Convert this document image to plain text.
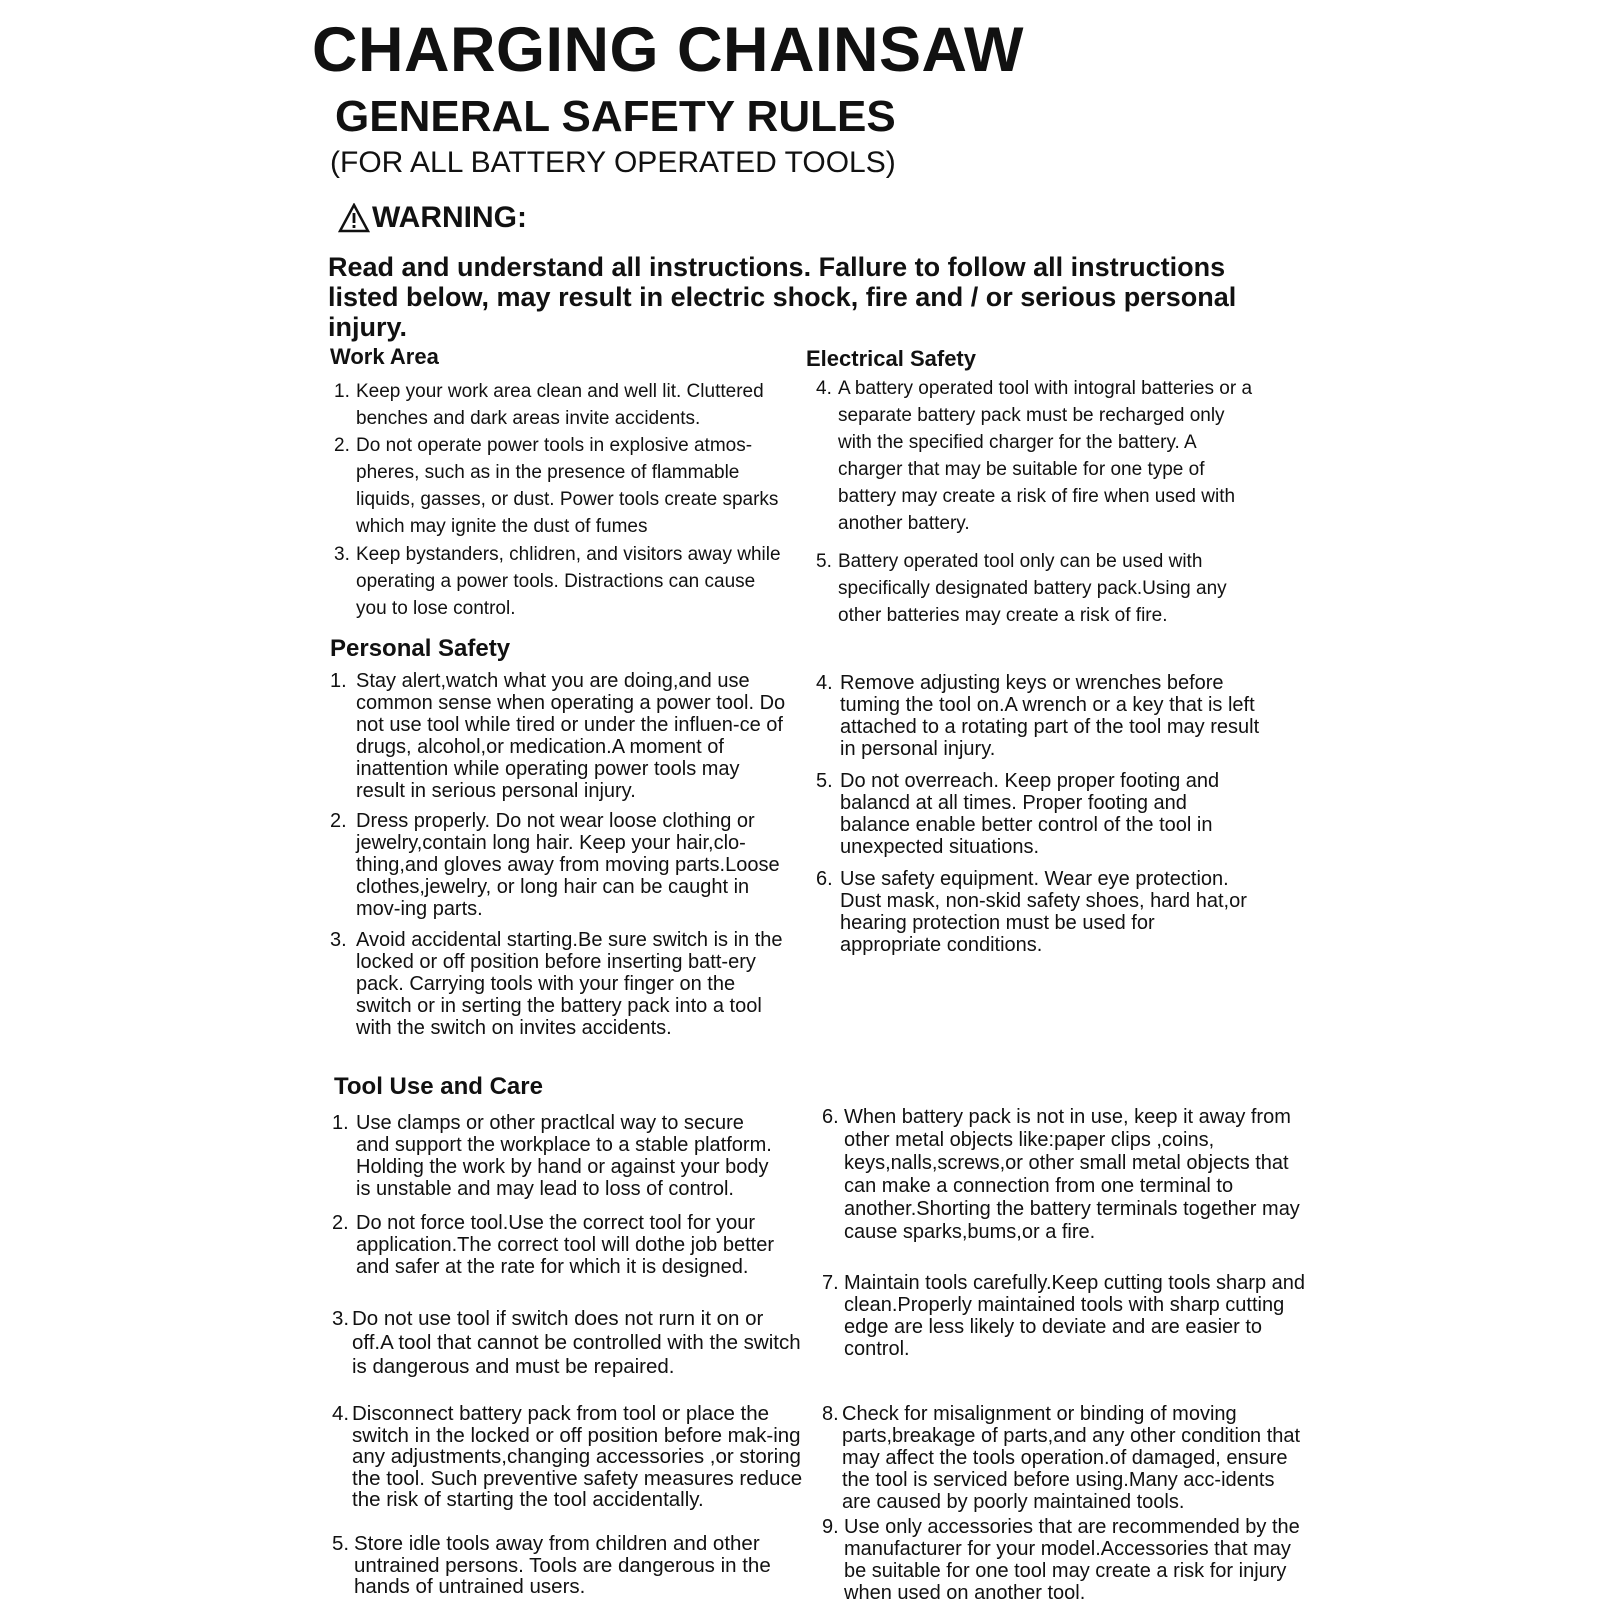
CHARGING CHAINSAW
GENERAL SAFETY RULES
(FOR ALL BATTERY OPERATED TOOLS)
WARNING:

Read and understand all instructions. Fallure to follow all instructions listed below, may result in electric shock, fire and / or serious personal injury.

Work Area
1. Keep your work area clean and well lit. Cluttered benches and dark areas invite accidents.
2. Do not operate power tools in explosive atmos-pheres, such as in the presence of flammable liquids, gasses, or dust. Power tools create sparks which may ignite the dust of fumes
3. Keep bystanders, chlidren, and visitors away while operating a power tools. Distractions can cause you to lose control.
Electrical Safety
4. A battery operated tool with intogral batteries or a separate battery pack must be recharged only with the specified charger for the battery. A charger that may be suitable for one type of battery may create a risk of fire when used with another battery.
5. Battery operated tool only can be used with specifically designated battery pack.Using any other batteries may create a risk of fire.
Personal Safety
1. Stay alert,watch what you are doing,and use common sense when operating a power tool. Do not use tool while tired or under the influen-ce of drugs, alcohol,or medication.A moment of inattention while operating power tools may result in serious personal injury.
2. Dress properly. Do not wear loose clothing or jewelry,contain long hair. Keep your hair,clo-thing,and gloves away from moving parts.Loose clothes,jewelry, or long hair can be caught in mov-ing parts.
3. Avoid accidental starting.Be sure switch is in the locked or off position before inserting batt-ery pack. Carrying tools with your finger on the switch or in serting the battery pack into a tool with the switch on invites accidents.
4. Remove adjusting keys or wrenches before tuming the tool on.A wrench or a key that is left attached to a rotating part of the tool may result in personal injury.
5. Do not overreach. Keep proper footing and balancd at all times. Proper footing and balance enable better control of the tool in unexpected situations.
6. Use safety equipment. Wear eye protection. Dust mask, non-skid safety shoes, hard hat,or hearing protection must be used for appropriate conditions.
Tool Use and Care
1. Use clamps or other practlcal way to secure and support the workplace to a stable platform. Holding the work by hand or against your body is unstable and may lead to loss of control.
2. Do not force tool.Use the correct tool for your application.The correct tool will dothe job better and safer at the rate for which it is designed.
3. Do not use tool if switch does not rurn it on or off.A tool that cannot be controlled with the switch is dangerous and must be repaired.
4. Disconnect battery pack from tool or place the switch in the locked or off position before mak-ing any adjustments,changing accessories ,or storing the tool. Such preventive safety measures reduce the risk of starting the tool accidentally.
5. Store idle tools away from children and other untrained persons. Tools are dangerous in the hands of untrained users.
6. When battery pack is not in use, keep it away from other metal objects like:paper clips ,coins, keys,nalls,screws,or other small metal objects that can make a connection from one terminal to another.Shorting the battery terminals together may cause sparks,bums,or a fire.
7. Maintain tools carefully.Keep cutting tools sharp and clean.Properly maintained tools with sharp cutting edge are less likely to deviate and are easier to control.
8. Check for misalignment or binding of moving parts,breakage of parts,and any other condition that may affect the tools operation.of damaged, ensure the tool is serviced before using.Many acc-idents are caused by poorly maintained tools.
9. Use only accessories that are recommended by the manufacturer for your model.Accessories that may be suitable for one tool may create a risk for injury when used on another tool.
